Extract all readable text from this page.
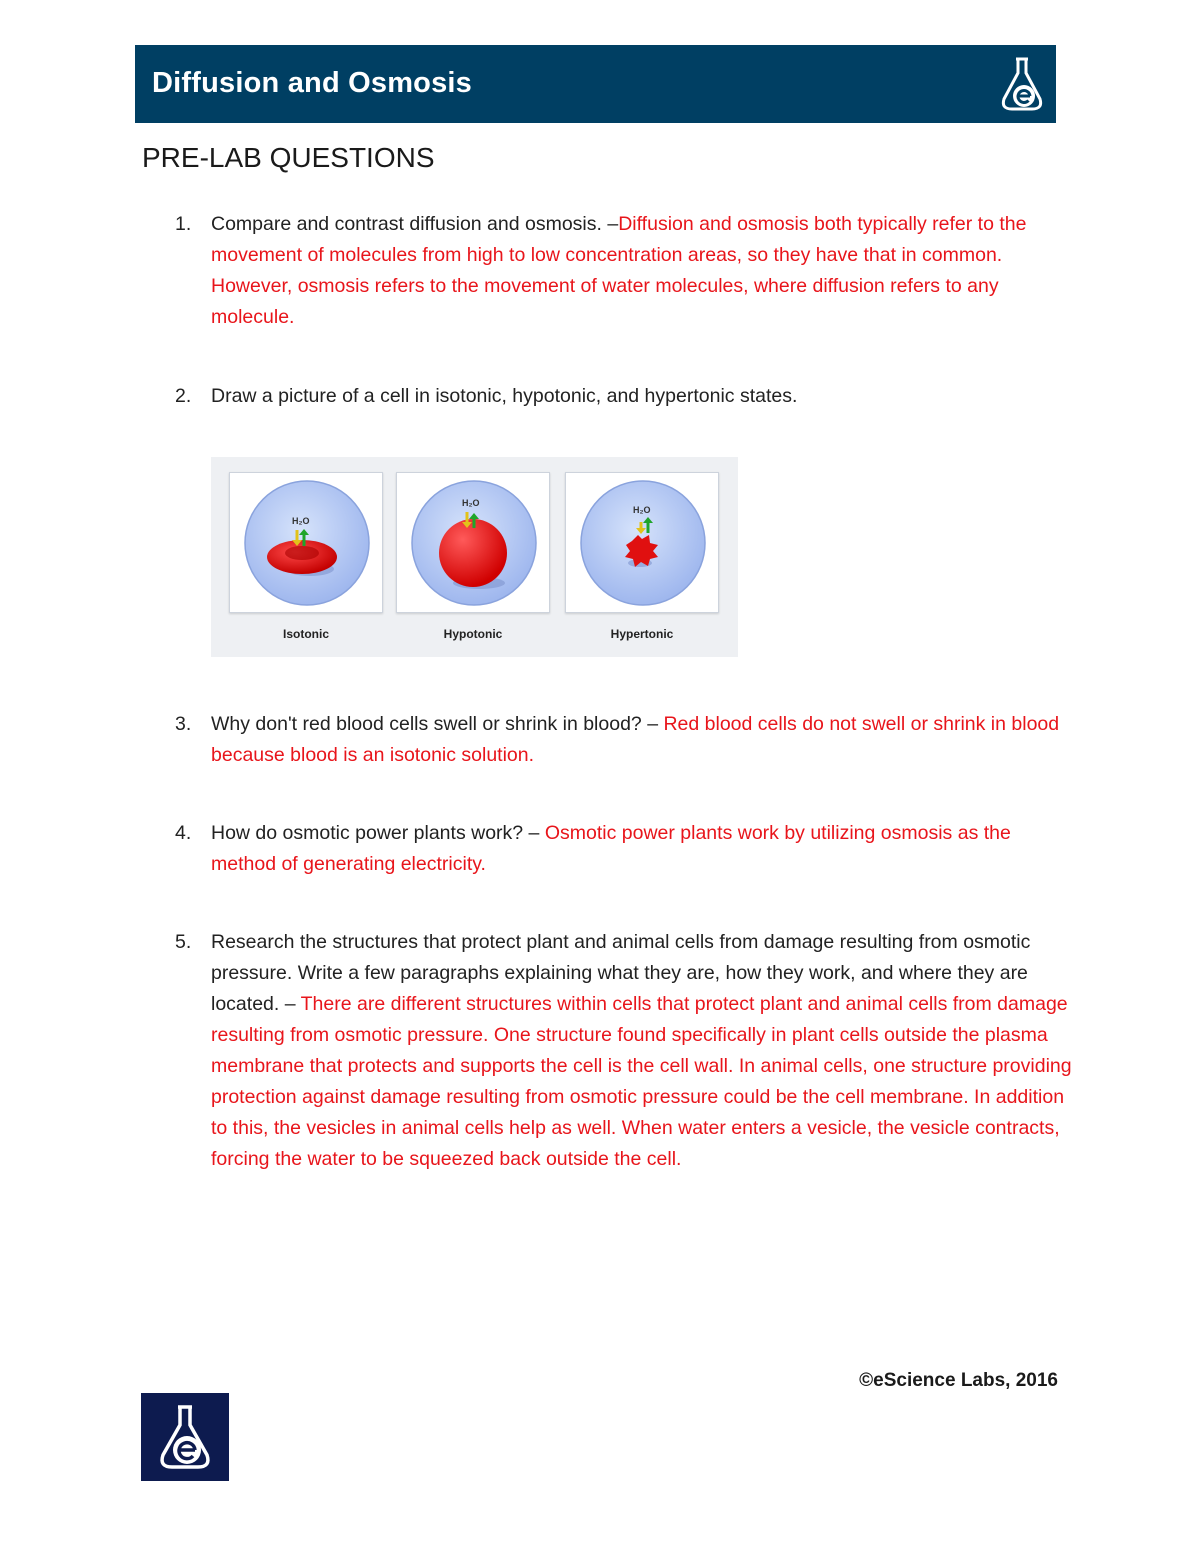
Diffusion and Osmosis
PRE-LAB QUESTIONS
1. Compare and contrast diffusion and osmosis. –Diffusion and osmosis both typically refer to the movement of molecules from high to low concentration areas, so they have that in common. However, osmosis refers to the movement of water molecules, where diffusion refers to any molecule.
2. Draw a picture of a cell in isotonic, hypotonic, and hypertonic states.
H₂O
Isotonic
H₂O
Hypotonic
H₂O
Hypertonic
3. Why don't red blood cells swell or shrink in blood? – Red blood cells do not swell or shrink in blood because blood is an isotonic solution.
4. How do osmotic power plants work? – Osmotic power plants work by utilizing osmosis as the method of generating electricity.
5. Research the structures that protect plant and animal cells from damage resulting from osmotic pressure. Write a few paragraphs explaining what they are, how they work, and where they are located. – There are different structures within cells that protect plant and animal cells from damage resulting from osmotic pressure. One structure found specifically in plant cells outside the plasma membrane that protects and supports the cell is the cell wall. In animal cells, one structure providing protection against damage resulting from osmotic pressure could be the cell membrane. In addition to this, the vesicles in animal cells help as well. When water enters a vesicle, the vesicle contracts, forcing the water to be squeezed back outside the cell.
©eScience Labs, 2016
